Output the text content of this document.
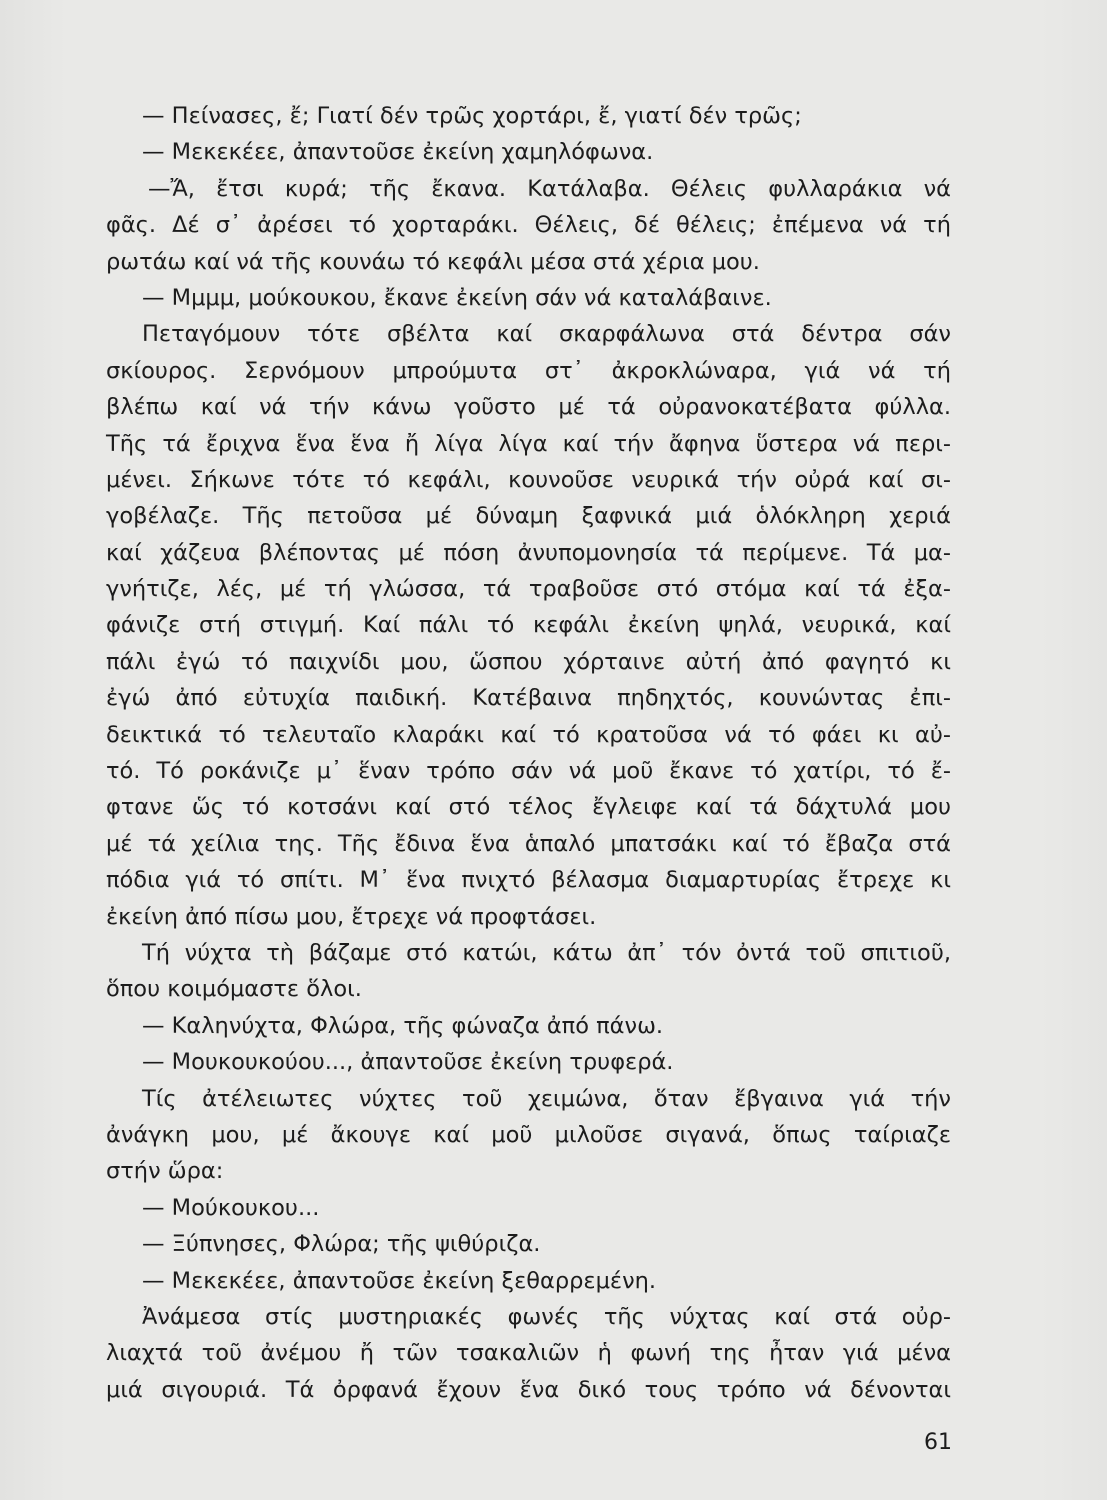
— Πείνασες, ἔ; Γιατί δέν τρῶς χορτάρι, ἔ, γιατί δέν τρῶς;
— Μεκεκέεε, ἀπαντοῦσε ἐκείνη χαμηλόφωνα.
—Ἄ, ἔτσι κυρά; τῆς ἔκανα. Κατάλαβα. Θέλεις φυλλαράκια νά
φᾶς. Δέ σ᾽ ἀρέσει τό χορταράκι. Θέλεις, δέ θέλεις; ἐπέμενα νά τή
ρωτάω καί νά τῆς κουνάω τό κεφάλι μέσα στά χέρια μου.
— Μμμμ, μούκουκου, ἔκανε ἐκείνη σάν νά καταλάβαινε.
Πεταγόμουν τότε σβέλτα καί σκαρφάλωνα στά δέντρα σάν
σκίουρος. Σερνόμουν μπρούμυτα στ᾽ ἀκροκλώναρα, γιά νά τή
βλέπω καί νά τήν κάνω γοῦστο μέ τά οὐρανοκατέβατα φύλλα.
Τῆς τά ἔριχνα ἕνα ἕνα ἤ λίγα λίγα καί τήν ἄφηνα ὕστερα νά περι-
μένει. Σήκωνε τότε τό κεφάλι, κουνοῦσε νευρικά τήν οὐρά καί σι-
γοβέλαζε. Τῆς πετοῦσα μέ δύναμη ξαφνικά μιά ὁλόκληρη χεριά
καί χάζευα βλέποντας μέ πόση ἀνυπομονησία τά περίμενε. Τά μα-
γνήτιζε, λές, μέ τή γλώσσα, τά τραβοῦσε στό στόμα καί τά ἐξα-
φάνιζε στή στιγμή. Καί πάλι τό κεφάλι ἐκείνη ψηλά, νευρικά, καί
πάλι ἐγώ τό παιχνίδι μου, ὥσπου χόρταινε αὐτή ἀπό φαγητό κι
ἐγώ ἀπό εὐτυχία παιδική. Κατέβαινα πηδηχτός, κουνώντας ἐπι-
δεικτικά τό τελευταῖο κλαράκι καί τό κρατοῦσα νά τό φάει κι αὐ-
τό. Τό ροκάνιζε μ᾽ ἕναν τρόπο σάν νά μοῦ ἔκανε τό χατίρι, τό ἔ-
φτανε ὥς τό κοτσάνι καί στό τέλος ἔγλειφε καί τά δάχτυλά μου
μέ τά χείλια της. Τῆς ἔδινα ἕνα ἁπαλό μπατσάκι καί τό ἔβαζα στά
πόδια γιά τό σπίτι. Μ᾽ ἕνα πνιχτό βέλασμα διαμαρτυρίας ἔτρεχε κι
ἐκείνη ἀπό πίσω μου, ἔτρεχε νά προφτάσει.
Τή νύχτα τὴ βάζαμε στό κατώι, κάτω ἀπ᾽ τόν ὀντά τοῦ σπιτιοῦ,
ὅπου κοιμόμαστε ὅλοι.
— Καληνύχτα, Φλώρα, τῆς φώναζα ἀπό πάνω.
— Μουκουκούου..., ἀπαντοῦσε ἐκείνη τρυφερά.
Τίς ἀτέλειωτες νύχτες τοῦ χειμώνα, ὅταν ἔβγαινα γιά τήν
ἀνάγκη μου, μέ ἄκουγε καί μοῦ μιλοῦσε σιγανά, ὅπως ταίριαζε
στήν ὥρα:
— Μούκουκου...
— Ξύπνησες, Φλώρα; τῆς ψιθύριζα.
— Μεκεκέεε, ἀπαντοῦσε ἐκείνη ξεθαρρεμένη.
Ἀνάμεσα στίς μυστηριακές φωνές τῆς νύχτας καί στά οὐρ-
λιαχτά τοῦ ἀνέμου ἤ τῶν τσακαλιῶν ἡ φωνή της ἦταν γιά μένα
μιά σιγουριά. Τά ὀρφανά ἔχουν ἕνα δικό τους τρόπο νά δένονται
61
